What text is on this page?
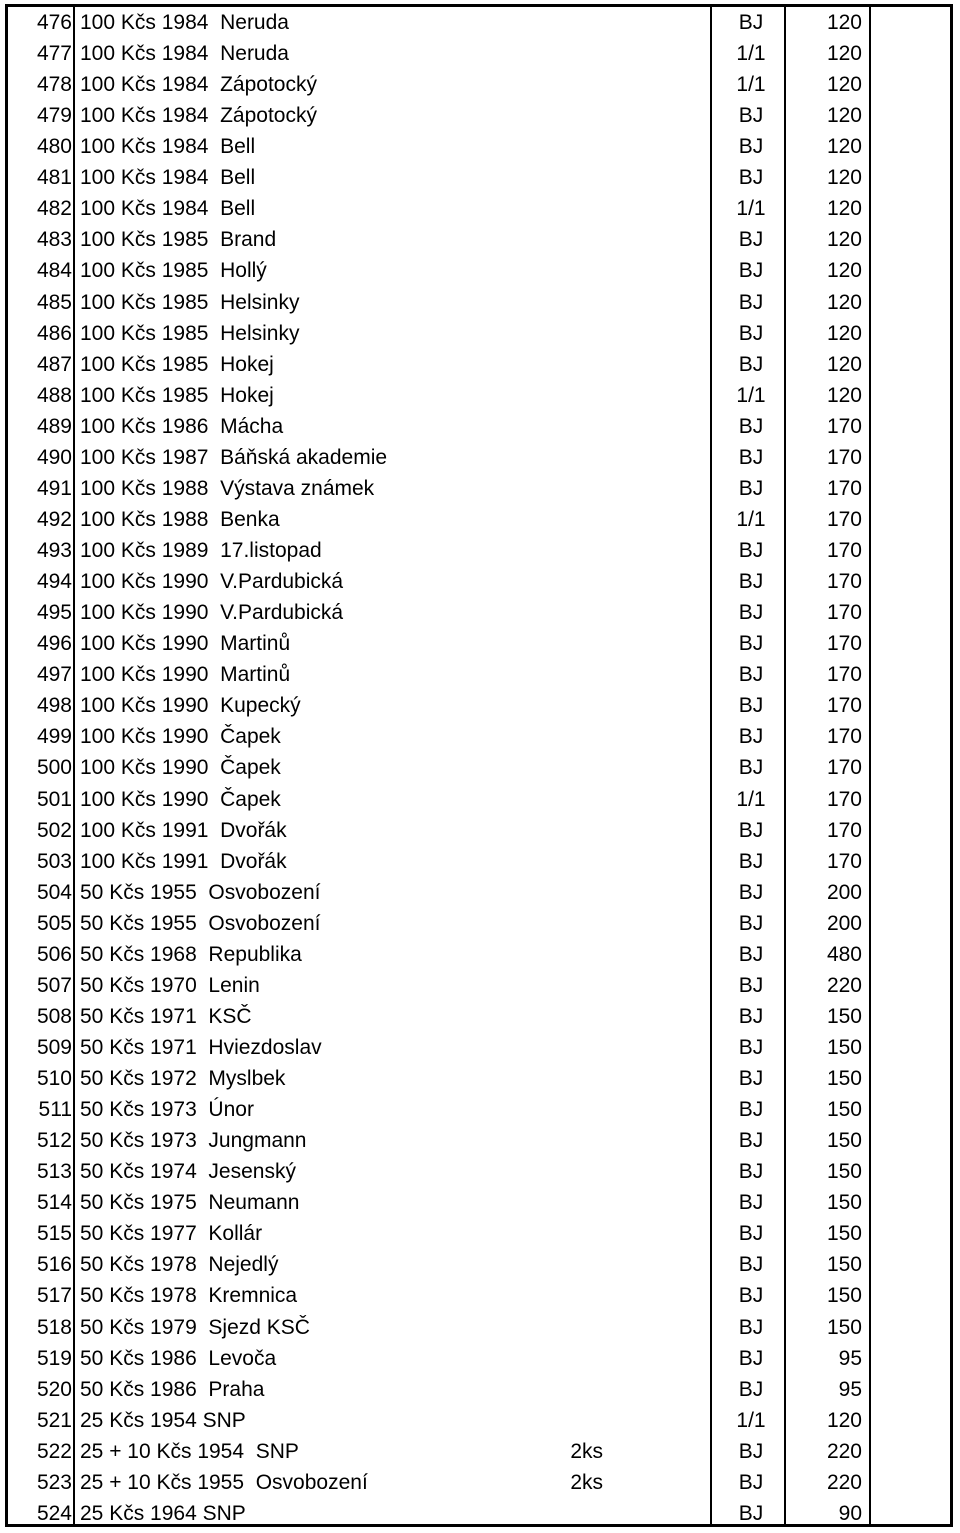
476 100 Kčs 1984  Neruda	BJ	120
477 100 Kčs 1984  Neruda	1/1	120
478 100 Kčs 1984  Zápotocký	1/1	120
479 100 Kčs 1984  Zápotocký	BJ	120
480 100 Kčs 1984  Bell	BJ	120
481 100 Kčs 1984  Bell	BJ	120
482 100 Kčs 1984  Bell	1/1	120
483 100 Kčs 1985  Brand	BJ	120
484 100 Kčs 1985  Hollý	BJ	120
485 100 Kčs 1985  Helsinky	BJ	120
486 100 Kčs 1985  Helsinky	BJ	120
487 100 Kčs 1985  Hokej	BJ	120
488 100 Kčs 1985  Hokej	1/1	120
489 100 Kčs 1986  Mácha	BJ	170
490 100 Kčs 1987  Báňská akademie	BJ	170
491 100 Kčs 1988  Výstava známek	BJ	170
492 100 Kčs 1988  Benka	1/1	170
493 100 Kčs 1989  17.listopad	BJ	170
494 100 Kčs 1990  V.Pardubická	BJ	170
495 100 Kčs 1990  V.Pardubická	BJ	170
496 100 Kčs 1990  Martinů	BJ	170
497 100 Kčs 1990  Martinů	BJ	170
498 100 Kčs 1990  Kupecký	BJ	170
499 100 Kčs 1990  Čapek	BJ	170
500 100 Kčs 1990  Čapek	BJ	170
501 100 Kčs 1990  Čapek	1/1	170
502 100 Kčs 1991  Dvořák	BJ	170
503 100 Kčs 1991  Dvořák	BJ	170
504 50 Kčs 1955  Osvobození	BJ	200
505 50 Kčs 1955  Osvobození	BJ	200
506 50 Kčs 1968  Republika	BJ	480
507 50 Kčs 1970  Lenin	BJ	220
508 50 Kčs 1971  KSČ	BJ	150
509 50 Kčs 1971  Hviezdoslav	BJ	150
510 50 Kčs 1972  Myslbek	BJ	150
511 50 Kčs 1973  Únor	BJ	150
512 50 Kčs 1973  Jungmann	BJ	150
513 50 Kčs 1974  Jesenský	BJ	150
514 50 Kčs 1975  Neumann	BJ	150
515 50 Kčs 1977  Kollár	BJ	150
516 50 Kčs 1978  Nejedlý	BJ	150
517 50 Kčs 1978  Kremnica	BJ	150
518 50 Kčs 1979  Sjezd KSČ	BJ	150
519 50 Kčs 1986  Levoča	BJ	95
520 50 Kčs 1986  Praha	BJ	95
521 25 Kčs 1954 SNP	1/1	120
522 25 + 10 Kčs 1954  SNP	2ks	BJ	220
523 25 + 10 Kčs 1955  Osvobození	2ks	BJ	220
524 25 Kčs 1964 SNP	BJ	90
